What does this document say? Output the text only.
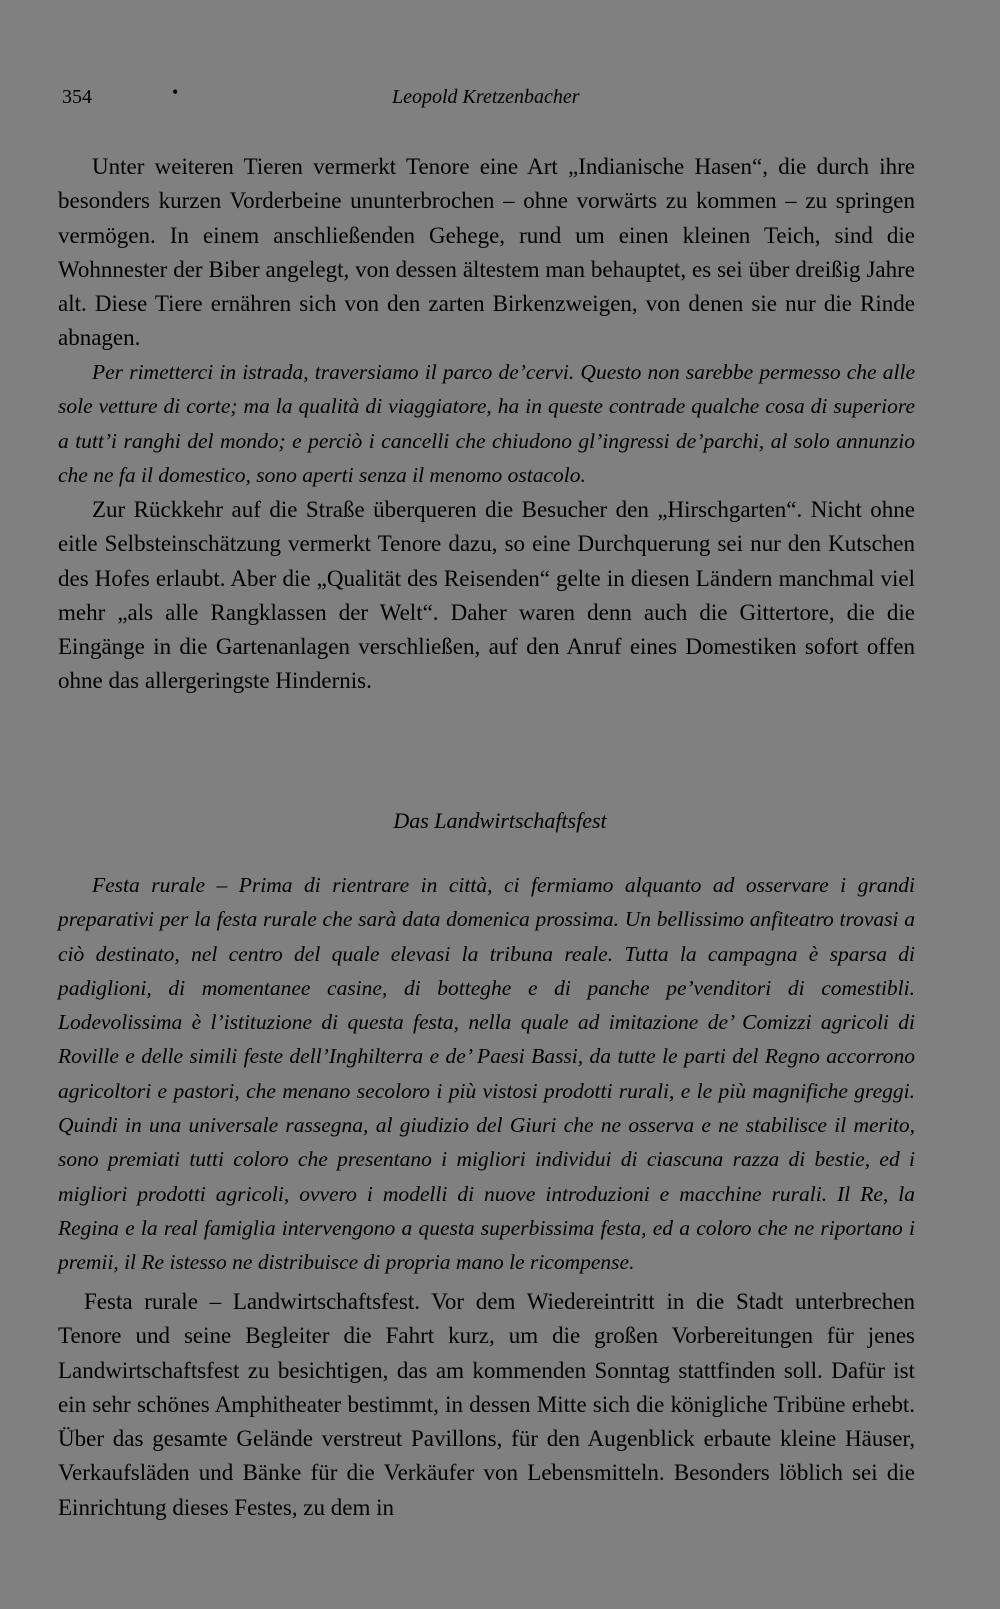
354	•	Leopold Kretzenbacher

Unter weiteren Tieren vermerkt Tenore eine Art „Indianische Hasen“, die durch ihre besonders kurzen Vorderbeine ununterbrochen – ohne vorwärts zu kommen – zu springen vermögen. In einem anschließenden Gehege, rund um einen kleinen Teich, sind die Wohnnester der Biber angelegt, von dessen ältestem man behauptet, es sei über dreißig Jahre alt. Diese Tiere ernähren sich von den zarten Birkenzweigen, von denen sie nur die Rinde abnagen.

Per rimetterci in istrada, traversiamo il parco de’cervi. Questo non sarebbe permesso che alle sole vetture di corte; ma la qualità di viaggiatore, ha in queste contrade qualche cosa di superiore a tutt’i ranghi del mondo; e perciò i cancelli che chiudono gl’ingressi de’parchi, al solo annunzio che ne fa il domestico, sono aperti senza il menomo ostacolo.

Zur Rückkehr auf die Straße überqueren die Besucher den „Hirschgarten“. Nicht ohne eitle Selbsteinschätzung vermerkt Tenore dazu, so eine Durchquerung sei nur den Kutschen des Hofes erlaubt. Aber die „Qualität des Reisenden“ gelte in diesen Ländern manchmal viel mehr „als alle Rangklassen der Welt“. Daher waren denn auch die Gittertore, die die Eingänge in die Gartenanlagen verschließen, auf den Anruf eines Domestiken sofort offen ohne das allergeringste Hindernis.

Das Landwirtschaftsfest

Festa rurale – Prima di rientrare in città, ci fermiamo alquanto ad osservare i grandi preparativi per la festa rurale che sarà data domenica prossima. Un bellissimo anfiteatro trovasi a ciò destinato, nel centro del quale elevasi la tribuna reale. Tutta la campagna è sparsa di padiglioni, di momentanee casine, di botteghe e di panche pe’venditori di comestibli. Lodevolissima è l’istituzione di questa festa, nella quale ad imitazione de’ Comizzi agricoli di Roville e delle simili feste dell’Inghilterra e de’ Paesi Bassi, da tutte le parti del Regno accorrono agricoltori e pastori, che menano secoloro i più vistosi prodotti rurali, e le più magnifiche greggi. Quindi in una universale rassegna, al giudizio del Giuri che ne osserva e ne stabilisce il merito, sono premiati tutti coloro che presentano i migliori individui di ciascuna razza di bestie, ed i migliori prodotti agricoli, ovvero i modelli di nuove introduzioni e macchine rurali. Il Re, la Regina e la real famiglia intervengono a questa superbissima festa, ed a coloro che ne riportano i premii, il Re istesso ne distribuisce di propria mano le ricompense.

Festa rurale – Landwirtschaftsfest. Vor dem Wiedereintritt in die Stadt unterbrechen Tenore und seine Begleiter die Fahrt kurz, um die großen Vorbereitungen für jenes Landwirtschaftsfest zu besichtigen, das am kommenden Sonntag stattfinden soll. Dafür ist ein sehr schönes Amphitheater bestimmt, in dessen Mitte sich die königliche Tribüne erhebt. Über das gesamte Gelände verstreut Pavillons, für den Augenblick erbaute kleine Häuser, Verkaufsläden und Bänke für die Verkäufer von Lebensmitteln. Besonders löblich sei die Einrichtung dieses Festes, zu dem in
